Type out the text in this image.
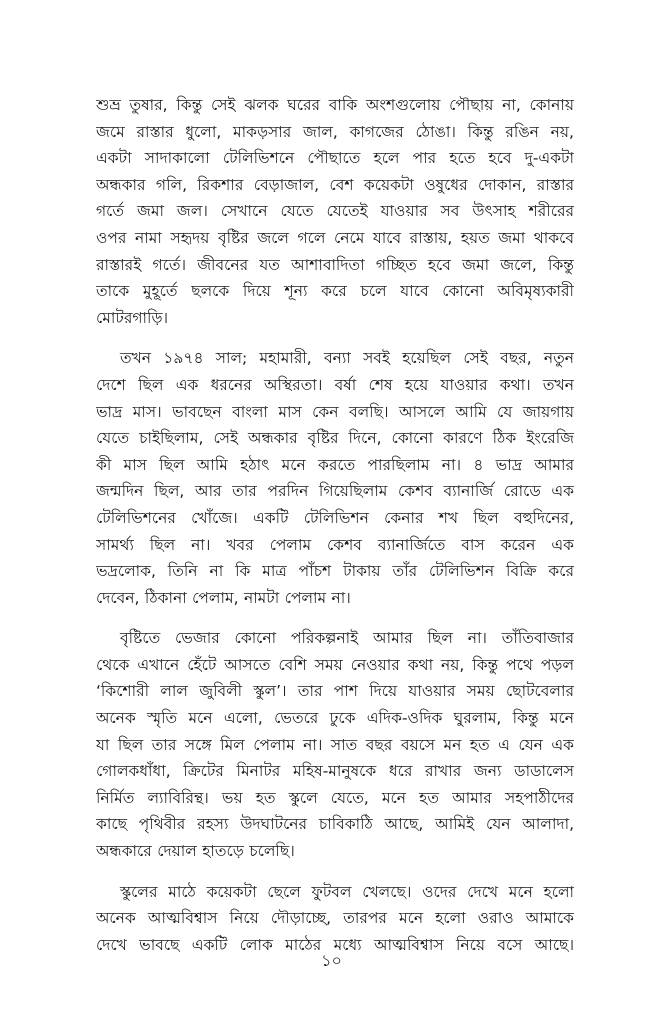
শুভ্র তুষার, কিন্তু সেই ঝলক ঘরের বাকি অংশগুলোয় পৌছায় না, কোনায়
জমে রাস্তার ধুলো, মাকড়সার জাল, কাগজের ঠোঙা। কিন্তু রঙিন নয়,
একটা সাদাকালো টেলিভিশনে পৌছাতে হলে পার হতে হবে দু-একটা
অন্ধকার গলি, রিকশার বেড়াজাল, বেশ কয়েকটা ওষুধের দোকান, রাস্তার
গর্তে জমা জল। সেখানে যেতে যেতেই যাওয়ার সব উৎসাহ শরীরের
ওপর নামা সহৃদয় বৃষ্টির জলে গলে নেমে যাবে রাস্তায়, হয়ত জমা থাকবে
রাস্তারই গর্তে। জীবনের যত আশাবাদিতা গচ্ছিত হবে জমা জলে, কিন্তু
তাকে মুহূর্তে ছলকে দিয়ে শূন্য করে চলে যাবে কোনো অবিমৃষ্যকারী
মোটরগাড়ি।

তখন ১৯৭৪ সাল; মহামারী, বন্যা সবই হয়েছিল সেই বছর, নতুন
দেশে ছিল এক ধরনের অস্থিরতা। বর্ষা শেষ হয়ে যাওয়ার কথা। তখন
ভাদ্র মাস। ভাবছেন বাংলা মাস কেন বলছি। আসলে আমি যে জায়গায়
যেতে চাইছিলাম, সেই অন্ধকার বৃষ্টির দিনে, কোনো কারণে ঠিক ইংরেজি
কী মাস ছিল আমি হঠাৎ মনে করতে পারছিলাম না। ৪ ভাদ্র আমার
জন্মদিন ছিল, আর তার পরদিন গিয়েছিলাম কেশব ব্যানার্জি রোডে এক
টেলিভিশনের খোঁজে। একটি টেলিভিশন কেনার শখ ছিল বহুদিনের,
সামর্থ্য ছিল না। খবর পেলাম কেশব ব্যানার্জিতে বাস করেন এক
ভদ্রলোক, তিনি না কি মাত্র পাঁচশ টাকায় তাঁর টেলিভিশন বিক্রি করে
দেবেন, ঠিকানা পেলাম, নামটা পেলাম না।

বৃষ্টিতে ভেজার কোনো পরিকল্পনাই আমার ছিল না। তাঁতিবাজার
থেকে এখানে হেঁটে আসতে বেশি সময় নেওয়ার কথা নয়, কিন্তু পথে পড়ল
‘কিশোরী লাল জুবিলী স্কুল’। তার পাশ দিয়ে যাওয়ার সময় ছোটবেলার
অনেক স্মৃতি মনে এলো, ভেতরে ঢুকে এদিক-ওদিক ঘুরলাম, কিন্তু মনে
যা ছিল তার সঙ্গে মিল পেলাম না। সাত বছর বয়সে মন হত এ যেন এক
গোলকধাঁধা, ক্রিটের মিনাটর মহিষ-মানুষকে ধরে রাখার জন্য ডাডালেস
নির্মিত ল্যাবিরিন্থ। ভয় হত স্কুলে যেতে, মনে হত আমার সহপাঠীদের
কাছে পৃথিবীর রহস্য উদঘাটনের চাবিকাঠি আছে, আমিই যেন আলাদা,
অন্ধকারে দেয়াল হাতড়ে চলেছি।

স্কুলের মাঠে কয়েকটা ছেলে ফুটবল খেলছে। ওদের দেখে মনে হলো
অনেক আত্মবিশ্বাস নিয়ে দৌড়াচ্ছে, তারপর মনে হলো ওরাও আমাকে
দেখে ভাবছে একটি লোক মাঠের মধ্যে আত্মবিশ্বাস নিয়ে বসে আছে।

১০
